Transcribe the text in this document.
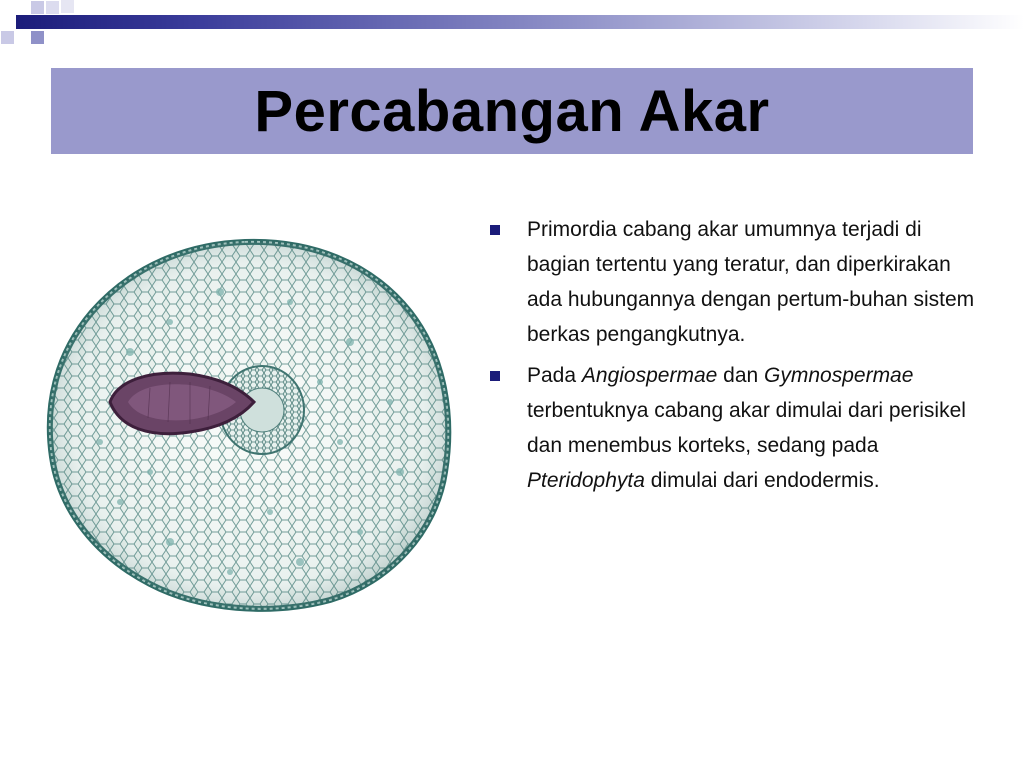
Percabangan Akar

Primordia cabang akar umumnya terjadi di bagian tertentu yang teratur, dan diperkirakan ada hubungannya dengan pertum-buhan sistem berkas pengangkutnya.

Pada Angiospermae dan Gymnospermae terbentuknya cabang akar dimulai dari perisikel dan menembus korteks, sedang pada Pteridophyta dimulai dari endodermis.
